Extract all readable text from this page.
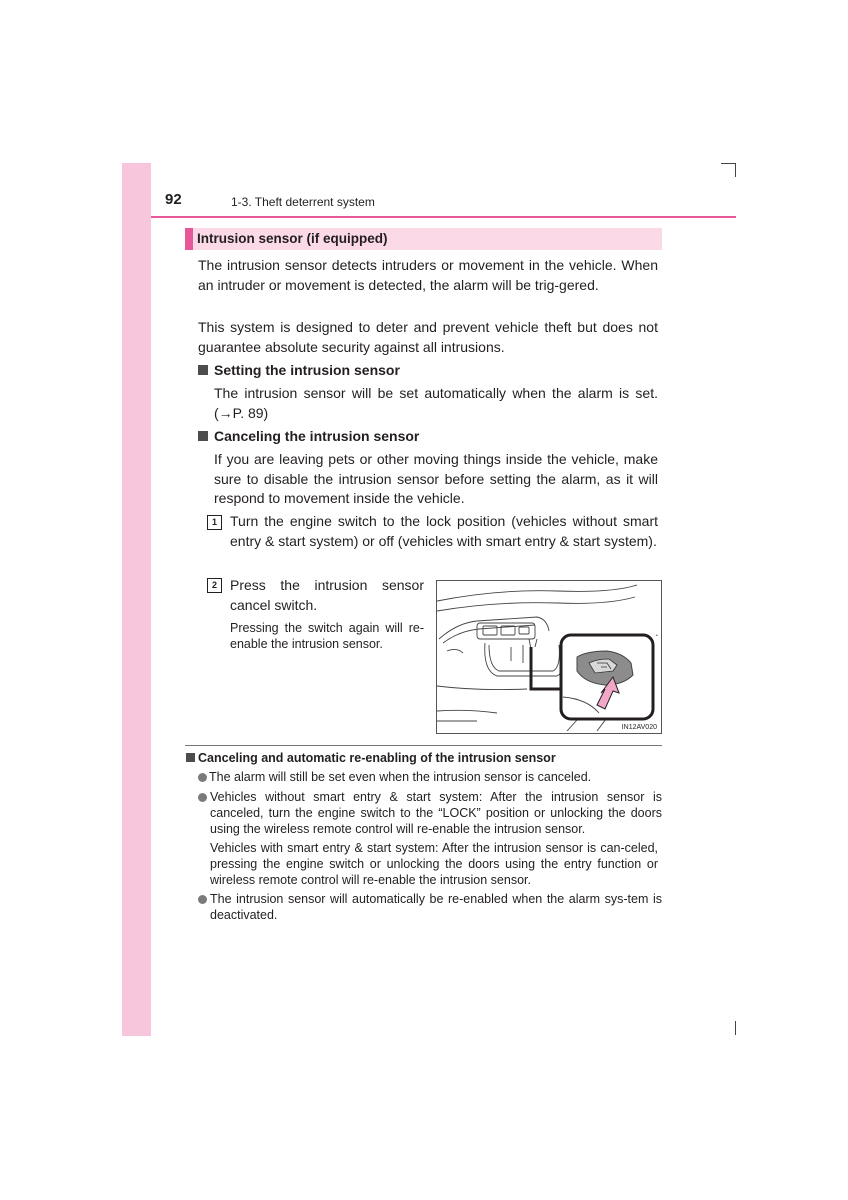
92	1-3. Theft deterrent system
Intrusion sensor (if equipped)

The intrusion sensor detects intruders or movement in the vehicle. When an intruder or movement is detected, the alarm will be trig-gered.

This system is designed to deter and prevent vehicle theft but does not guarantee absolute security against all intrusions.

Setting the intrusion sensor

The intrusion sensor will be set automatically when the alarm is set. (→P. 89)

Canceling the intrusion sensor

If you are leaving pets or other moving things inside the vehicle, make sure to disable the intrusion sensor before setting the alarm, as it will respond to movement inside the vehicle.

1 Turn the engine switch to the lock position (vehicles without smart entry & start system) or off (vehicles with smart entry & start system).

2 Press the intrusion sensor cancel switch.

Pressing the switch again will re-enable the intrusion sensor.

•
IN12AV020
Canceling and automatic re-enabling of the intrusion sensor

The alarm will still be set even when the intrusion sensor is canceled.

Vehicles without smart entry & start system: After the intrusion sensor is canceled, turn the engine switch to the “LOCK” position or unlocking the doors using the wireless remote control will re-enable the intrusion sensor.

Vehicles with smart entry & start system: After the intrusion sensor is can-celed, pressing the engine switch or unlocking the doors using the entry function or wireless remote control will re-enable the intrusion sensor.

The intrusion sensor will automatically be re-enabled when the alarm sys-tem is deactivated.
